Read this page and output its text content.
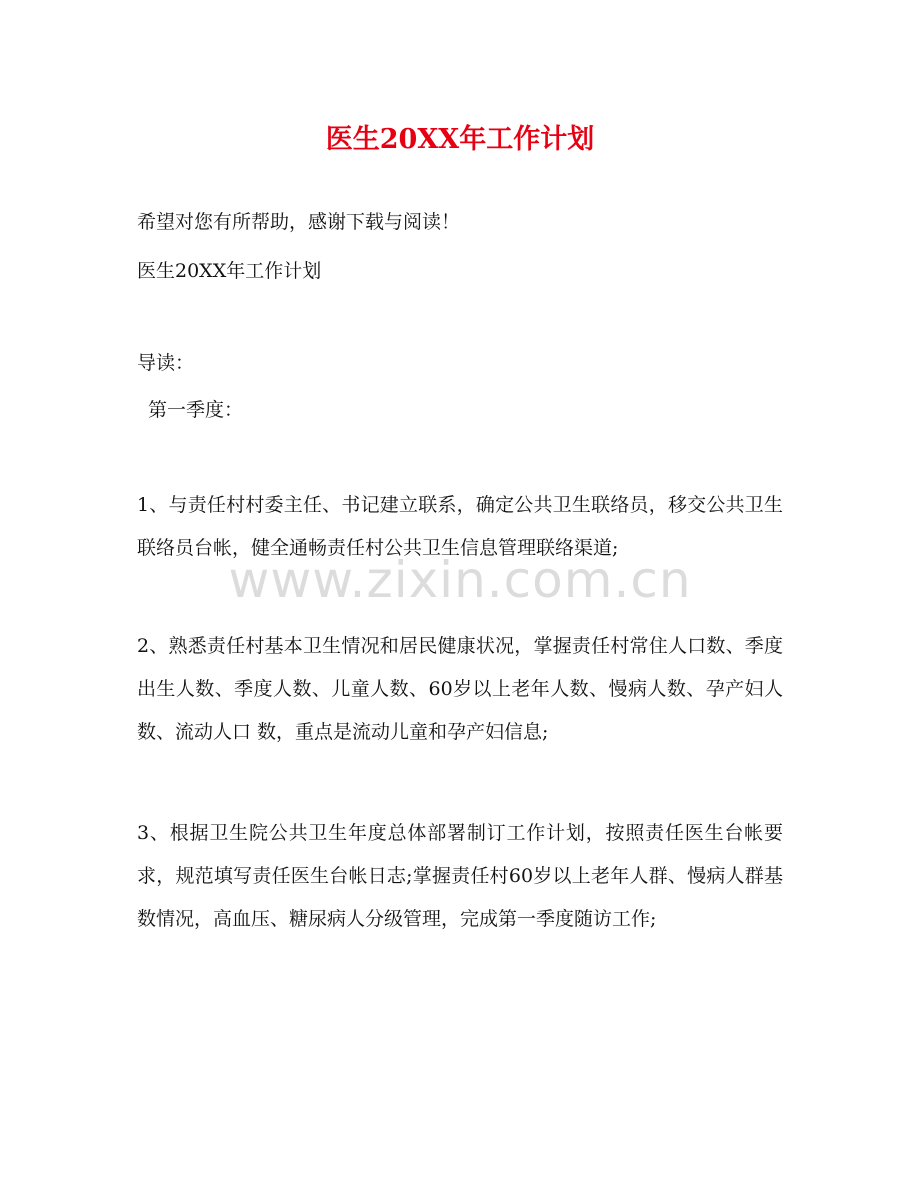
www.zixin.com.cn
医生20XX年工作计划
希望对您有所帮助，感谢下载与阅读！
医生20XX年工作计划
导读：
第一季度：
1、与责任村村委主任、书记建立联系，确定公共卫生联络员，移交公共卫生联络员台帐，健全通畅责任村公共卫生信息管理联络渠道;
2、熟悉责任村基本卫生情况和居民健康状况，掌握责任村常住人口数、季度出生人数、季度人数、儿童人数、60岁以上老年人数、慢病人数、孕产妇人数、流动人口 数，重点是流动儿童和孕产妇信息;
3、根据卫生院公共卫生年度总体部署制订工作计划，按照责任医生台帐要求，规范填写责任医生台帐日志;掌握责任村60岁以上老年人群、慢病人群基数情况，高血压、糖尿病人分级管理，完成第一季度随访工作;
